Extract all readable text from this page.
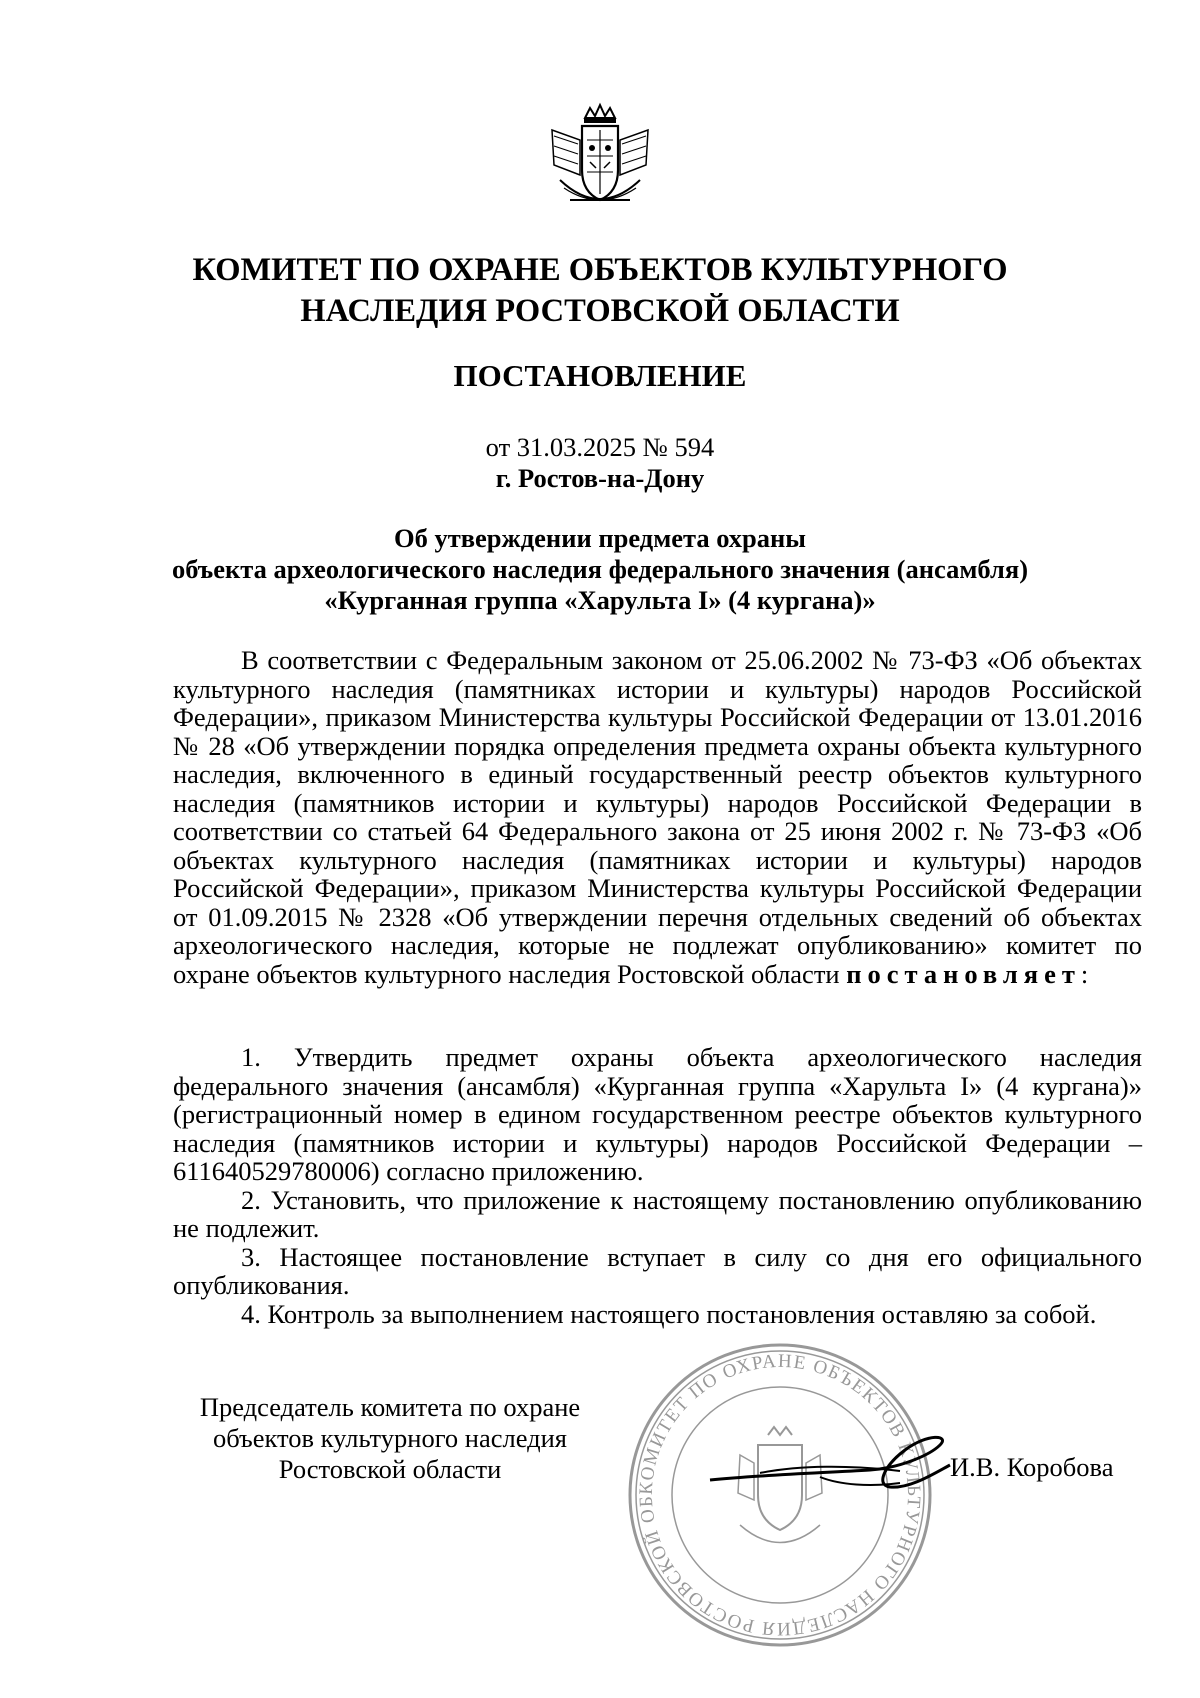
КОМИТЕТ ПО ОХРАНЕ ОБЪЕКТОВ КУЛЬТУРНОГО
НАСЛЕДИЯ РОСТОВСКОЙ ОБЛАСТИ
ПОСТАНОВЛЕНИЕ
от 31.03.2025 № 594
г. Ростов-на-Дону
Об утверждении предмета охраны
объекта археологического наследия федерального значения (ансамбля)
«Курганная группа «Харульта I» (4 кургана)»

В соответствии с Федеральным законом от 25.06.2002 № 73-ФЗ «Об объектах культурного наследия (памятниках истории и культуры) народов Российской Федерации», приказом Министерства культуры Российской Федерации от 13.01.2016 № 28 «Об утверждении порядка определения предмета охраны объекта культурного наследия, включенного в единый государственный реестр объектов культурного наследия (памятников истории и культуры) народов Российской Федерации в соответствии со статьей 64 Федерального закона от 25 июня 2002 г. № 73-ФЗ «Об объектах культурного наследия (памятниках истории и культуры) народов Российской Федерации», приказом Министерства культуры Российской Федерации от 01.09.2015 № 2328 «Об утверждении перечня отдельных сведений об объектах археологического наследия, которые не подлежат опубликованию» комитет по охране объектов культурного наследия Ростовской области постановляет:

1. Утвердить предмет охраны объекта археологического наследия федерального значения (ансамбля) «Курганная группа «Харульта I» (4 кургана)» (регистрационный номер в едином государственном реестре объектов культурного наследия (памятников истории и культуры) народов Российской Федерации – 611640529780006) согласно приложению.

2. Установить, что приложение к настоящему постановлению опубликованию не подлежит.

3. Настоящее постановление вступает в силу со дня его официального опубликования.

4. Контроль за выполнением настоящего постановления оставляю за собой.

КОМИТЕТ ПО ОХРАНЕ ОБЪЕКТОВ КУЛЬТУРНОГО НАСЛЕДИЯ РОСТОВСКОЙ ОБ
Председатель комитета по охране
объектов культурного наследия
Ростовской области	И.В. Коробова
